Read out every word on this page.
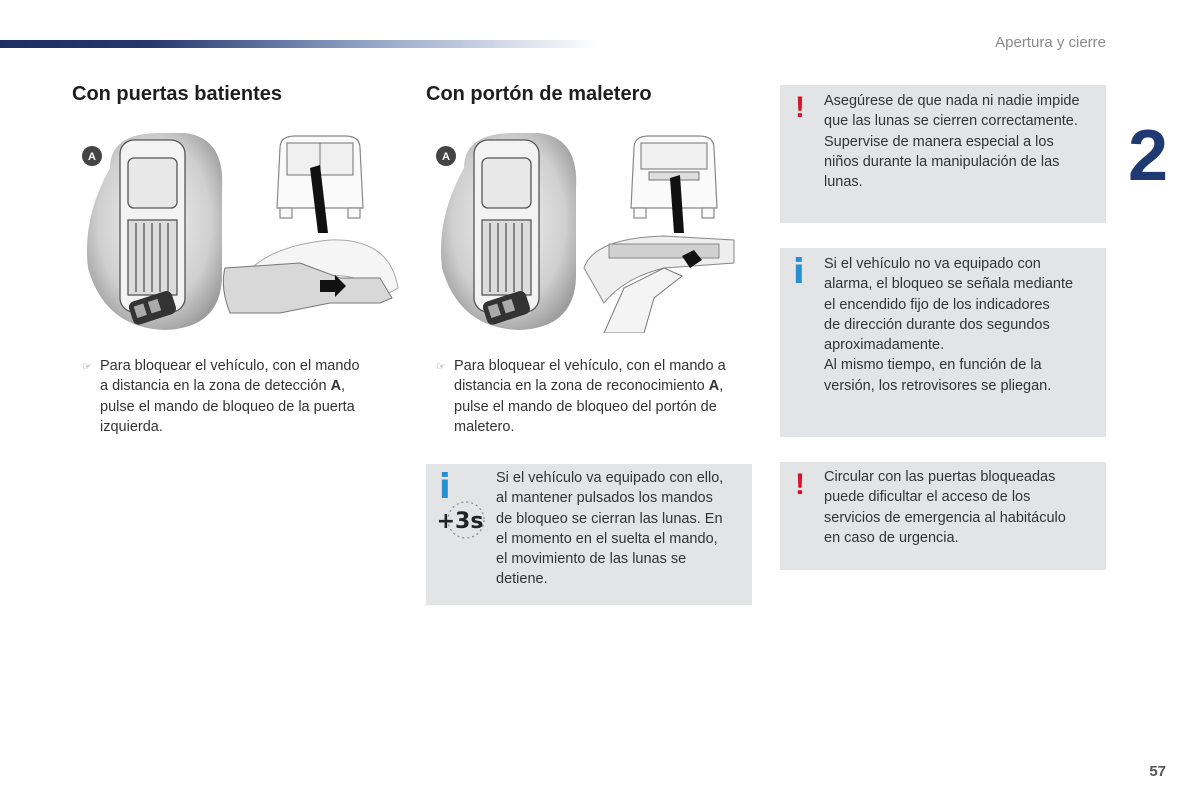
Apertura y cierre
2
Con puertas batientes
A
☞ Para bloquear el vehículo, con el mando
a distancia en la zona de detección A,
pulse el mando de bloqueo de la puerta
izquierda.
Con portón de maletero
A
☞ Para bloquear el vehículo, con el mando a
distancia en la zona de reconocimiento A,
pulse el mando de bloqueo del portón de
maletero.
i
+3s
Si el vehículo va equipado con ello,
al mantener pulsados los mandos
de bloqueo se cierran las lunas. En
el momento en el suelta el mando,
el movimiento de las lunas se
detiene.
! Asegúrese de que nada ni nadie impide
que las lunas se cierren correctamente.
Supervise de manera especial a los
niños durante la manipulación de las
lunas.
i Si el vehículo no va equipado con
alarma, el bloqueo se señala mediante
el encendido fijo de los indicadores
de dirección durante dos segundos
aproximadamente.
Al mismo tiempo, en función de la
versión, los retrovisores se pliegan.
! Circular con las puertas bloqueadas
puede dificultar el acceso de los
servicios de emergencia al habitáculo
en caso de urgencia.
57
